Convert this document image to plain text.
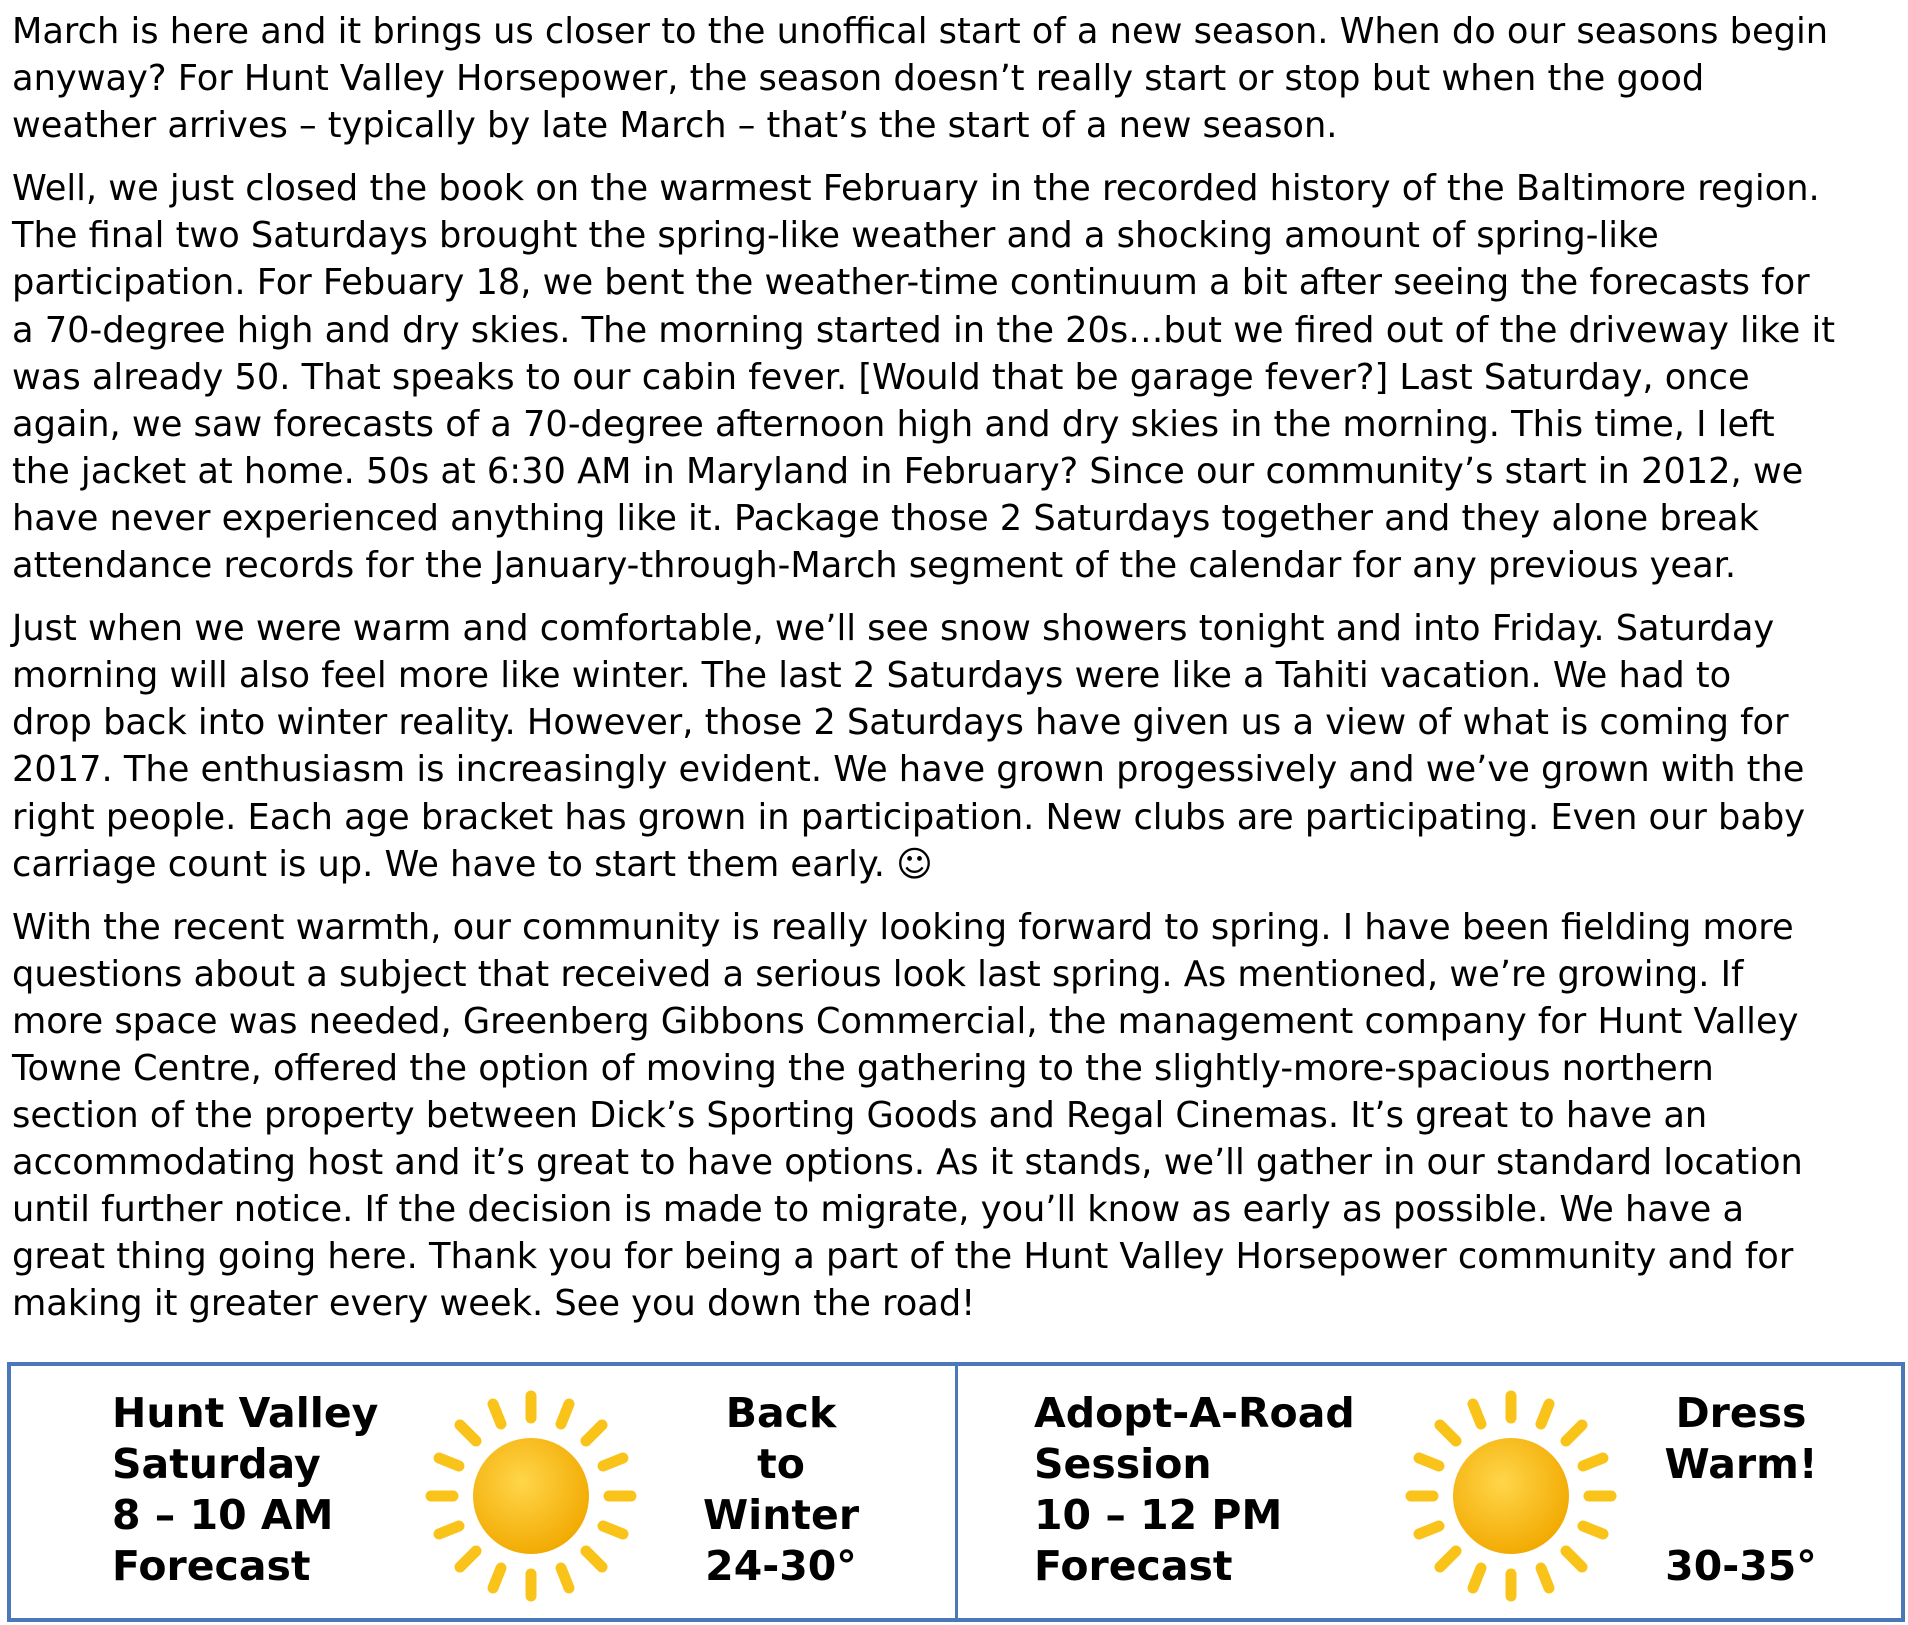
March is here and it brings us closer to the unoffical start of a new season. When do our seasons begin
anyway? For Hunt Valley Horsepower, the season doesn’t really start or stop but when the good
weather arrives – typically by late March – that’s the start of a new season.

Well, we just closed the book on the warmest February in the recorded history of the Baltimore region.
The final two Saturdays brought the spring-like weather and a shocking amount of spring-like
participation. For Febuary 18, we bent the weather-time continuum a bit after seeing the forecasts for
a 70-degree high and dry skies. The morning started in the 20s…but we fired out of the driveway like it
was already 50. That speaks to our cabin fever. [Would that be garage fever?] Last Saturday, once
again, we saw forecasts of a 70-degree afternoon high and dry skies in the morning. This time, I left
the jacket at home. 50s at 6:30 AM in Maryland in February? Since our community’s start in 2012, we
have never experienced anything like it. Package those 2 Saturdays together and they alone break
attendance records for the January-through-March segment of the calendar for any previous year.

Just when we were warm and comfortable, we’ll see snow showers tonight and into Friday. Saturday
morning will also feel more like winter. The last 2 Saturdays were like a Tahiti vacation. We had to
drop back into winter reality. However, those 2 Saturdays have given us a view of what is coming for
2017. The enthusiasm is increasingly evident. We have grown progessively and we’ve grown with the
right people. Each age bracket has grown in participation. New clubs are participating. Even our baby
carriage count is up. We have to start them early. ☺

With the recent warmth, our community is really looking forward to spring. I have been fielding more
questions about a subject that received a serious look last spring. As mentioned, we’re growing. If
more space was needed, Greenberg Gibbons Commercial, the management company for Hunt Valley
Towne Centre, offered the option of moving the gathering to the slightly-more-spacious northern
section of the property between Dick’s Sporting Goods and Regal Cinemas. It’s great to have an
accommodating host and it’s great to have options. As it stands, we’ll gather in our standard location
until further notice. If the decision is made to migrate, you’ll know as early as possible. We have a
great thing going here. Thank you for being a part of the Hunt Valley Horsepower community and for
making it greater every week. See you down the road!

Hunt Valley
Saturday
8 – 10 AM
Forecast
Back
to
Winter
24-30°
Adopt-A-Road
Session
10 – 12 PM
Forecast
Dress
Warm!

30-35°
